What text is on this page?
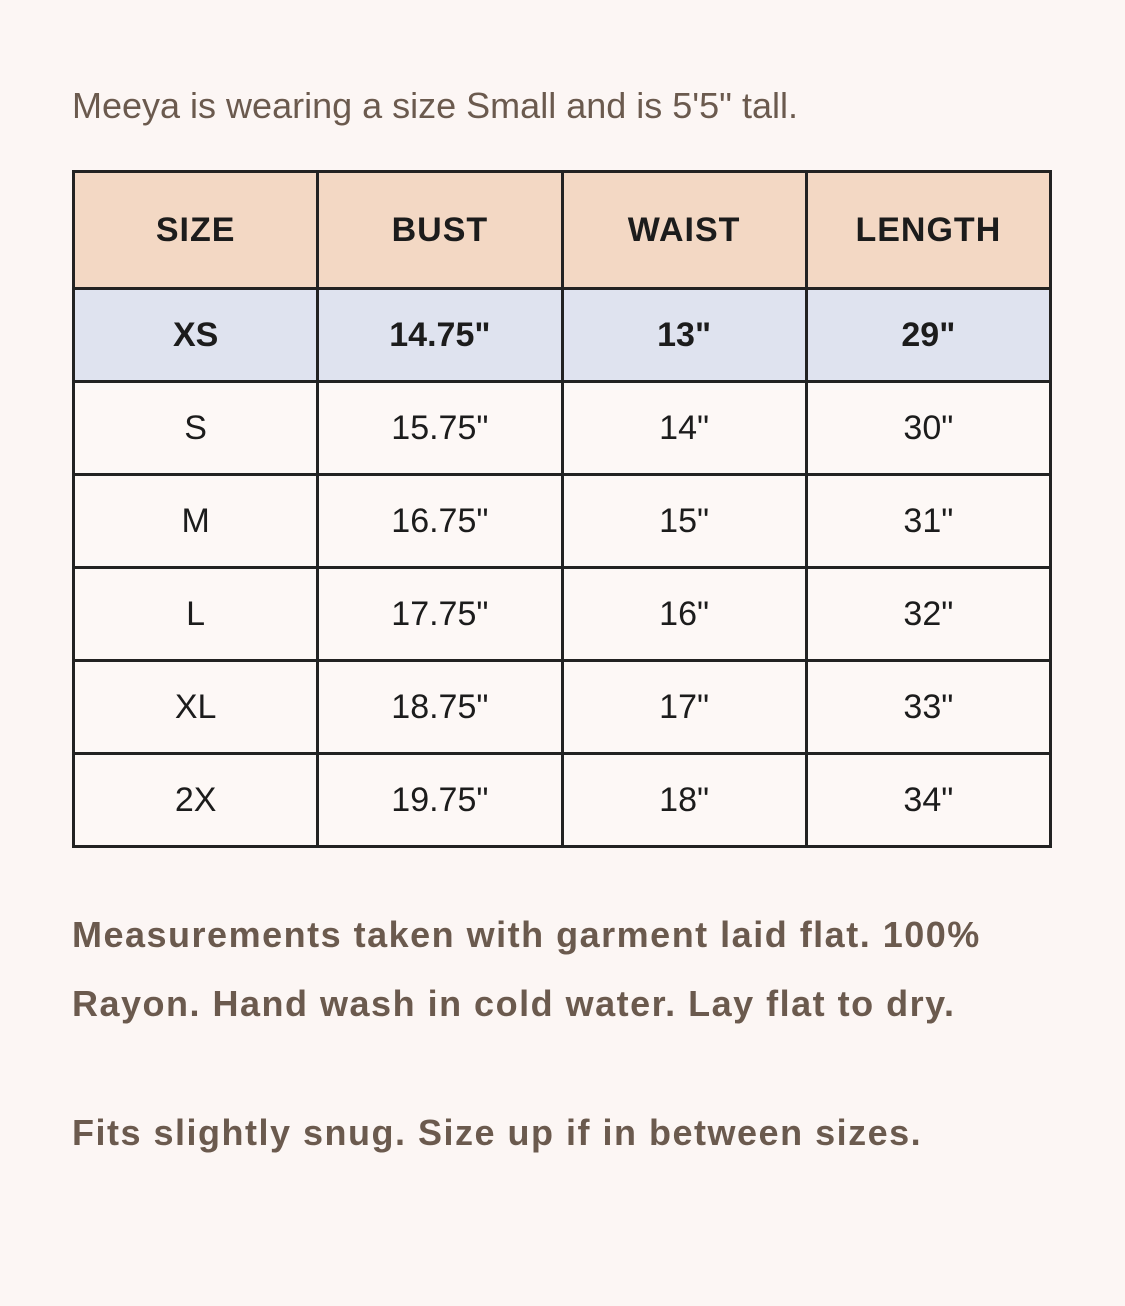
Meeya is wearing a size Small and is 5'5" tall.

SIZE	BUST	WAIST	LENGTH
XS	14.75"	13"	29"
S	15.75"	14"	30"
M	16.75"	15"	31"
L	17.75"	16"	32"
XL	18.75"	17"	33"
2X	19.75"	18"	34"

Measurements taken with garment laid flat. 100% Rayon. Hand wash in cold water. Lay flat to dry.

Fits slightly snug. Size up if in between sizes.
